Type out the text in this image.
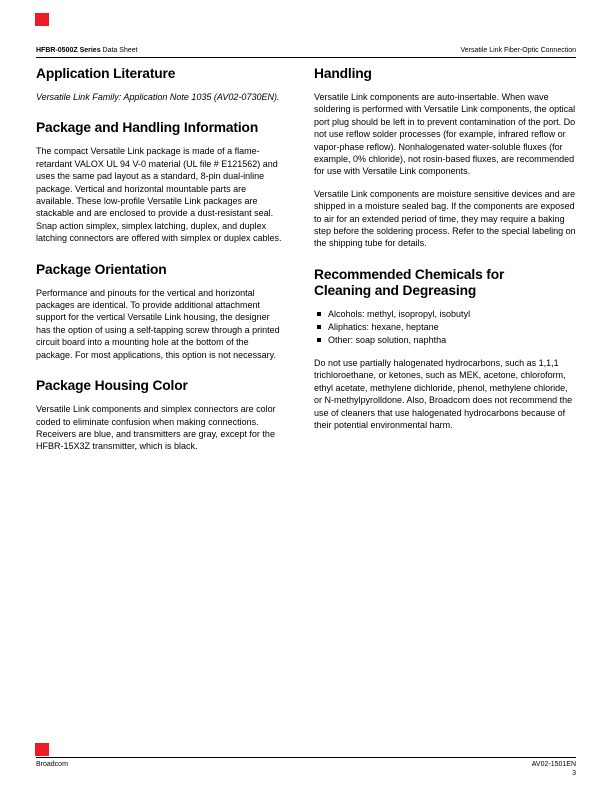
HFBR-0500Z Series Data Sheet	Versatile Link Fiber-Optic Connection
Application Literature

Versatile Link Family: Application Note 1035 (AV02-0730EN).

Package and Handling Information

The compact Versatile Link package is made of a flame-retardant VALOX UL 94 V-0 material (UL file # E121562) and uses the same pad layout as a standard, 8-pin dual-inline package. Vertical and horizontal mountable parts are available. These low-profile Versatile Link packages are stackable and are enclosed to provide a dust-resistant seal. Snap action simplex, simplex latching, duplex, and duplex latching connectors are offered with simplex or duplex cables.

Package Orientation

Performance and pinouts for the vertical and horizontal packages are identical. To provide additional attachment support for the vertical Versatile Link housing, the designer has the option of using a self-tapping screw through a printed circuit board into a mounting hole at the bottom of the package. For most applications, this option is not necessary.

Package Housing Color

Versatile Link components and simplex connectors are color coded to eliminate confusion when making connections. Receivers are blue, and transmitters are gray, except for the HFBR-15X3Z transmitter, which is black.

Handling

Versatile Link components are auto-insertable. When wave soldering is performed with Versatile Link components, the optical port plug should be left in to prevent contamination of the port. Do not use reflow solder processes (for example, infrared reflow or vapor-phase reflow). Nonhalogenated water-soluble fluxes (for example, 0% chloride), not rosin-based fluxes, are recommended for use with Versatile Link components.

Versatile Link components are moisture sensitive devices and are shipped in a moisture sealed bag. If the components are exposed to air for an extended period of time, they may require a baking step before the soldering process. Refer to the special labeling on the shipping tube for details.

Recommended Chemicals for Cleaning and Degreasing
Alcohols: methyl, isopropyl, isobutyl
Aliphatics: hexane, heptane
Other: soap solution, naphtha

Do not use partially halogenated hydrocarbons, such as 1,1,1 trichloroethane, or ketones, such as MEK, acetone, chloroform, ethyl acetate, methylene dichloride, phenol, methylene chloride, or N-methylpyrolldone. Also, Broadcom does not recommend the use of cleaners that use halogenated hydrocarbons because of their potential environmental harm.

Broadcom	AV02-1501EN
3
